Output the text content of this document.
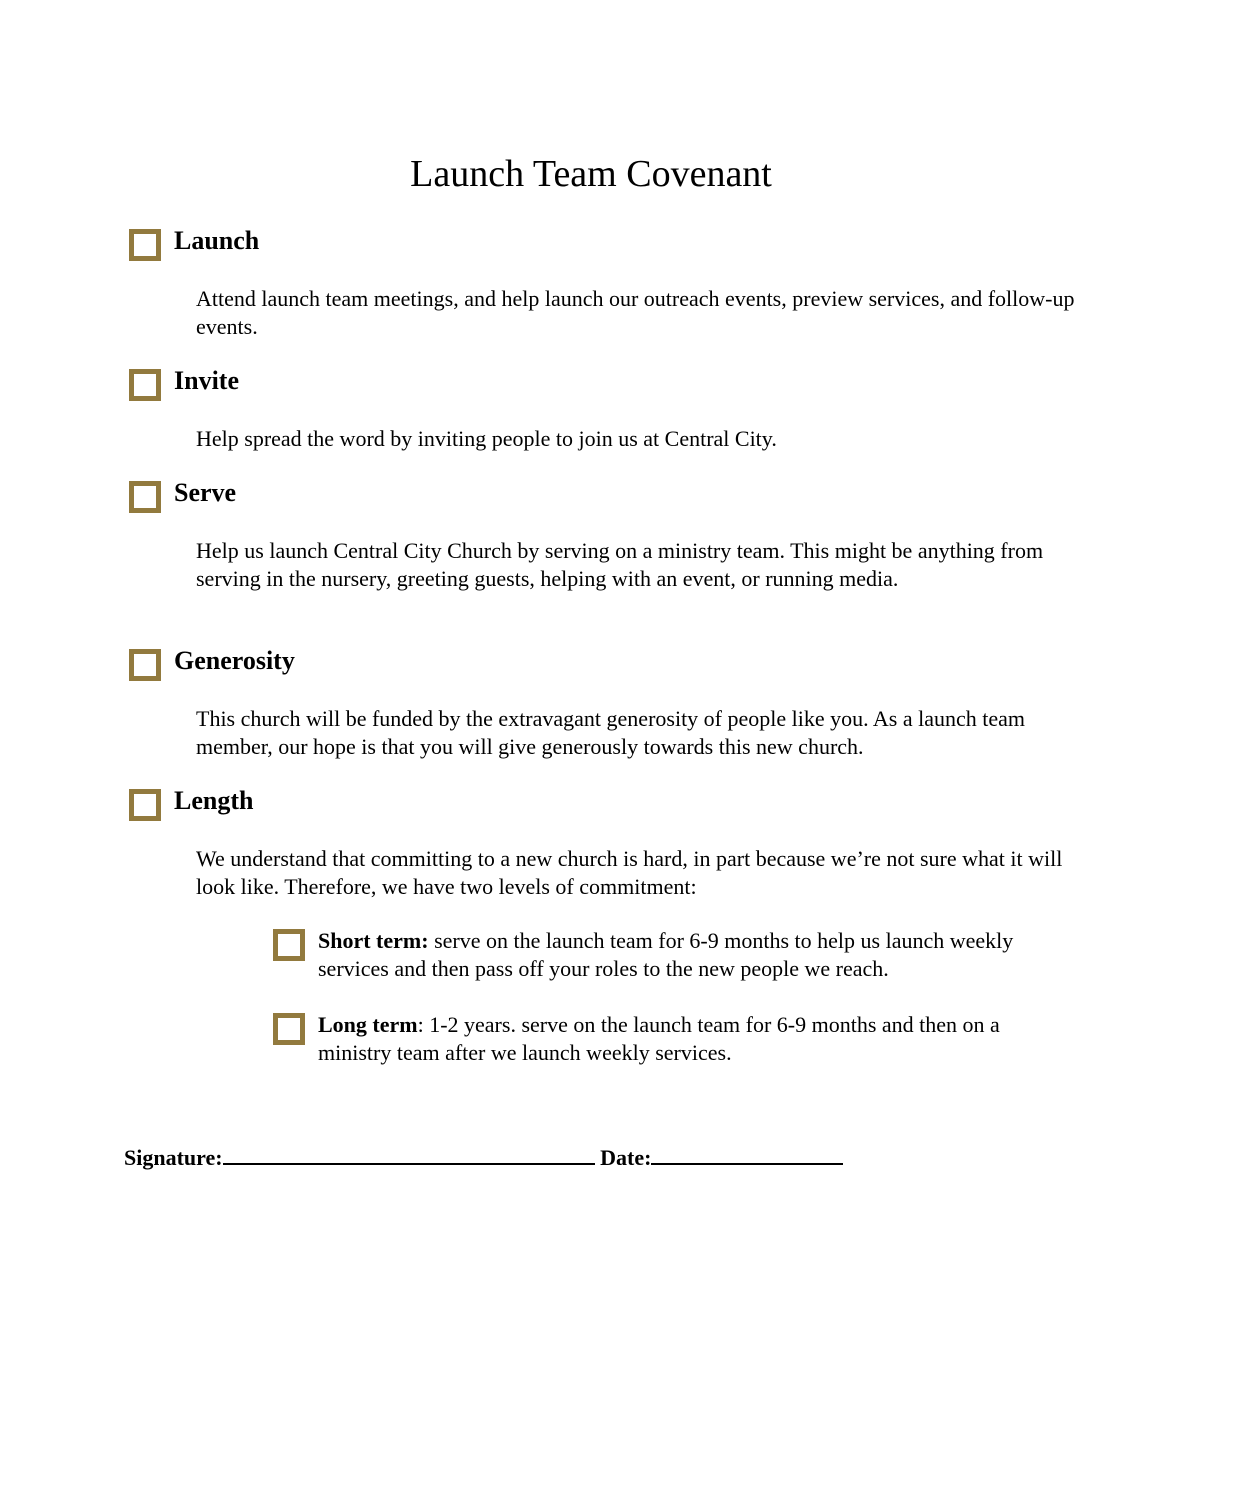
Launch Team Covenant
Launch
Attend launch team meetings, and help launch our outreach events, preview services, and follow-up events.
Invite
Help spread the word by inviting people to join us at Central City.
Serve
Help us launch Central City Church by serving on a ministry team. This might be anything from serving in the nursery, greeting guests, helping with an event, or running media.
Generosity
This church will be funded by the extravagant generosity of people like you. As a launch team member, our hope is that you will give generously towards this new church.
Length
We understand that committing to a new church is hard, in part because we’re not sure what it will look like. Therefore, we have two levels of commitment:
Short term: serve on the launch team for 6-9 months to help us launch weekly services and then pass off your roles to the new people we reach.
Long term: 1-2 years. serve on the launch team for 6-9 months and then on a ministry team after we launch weekly services.
Signature:	Date:
